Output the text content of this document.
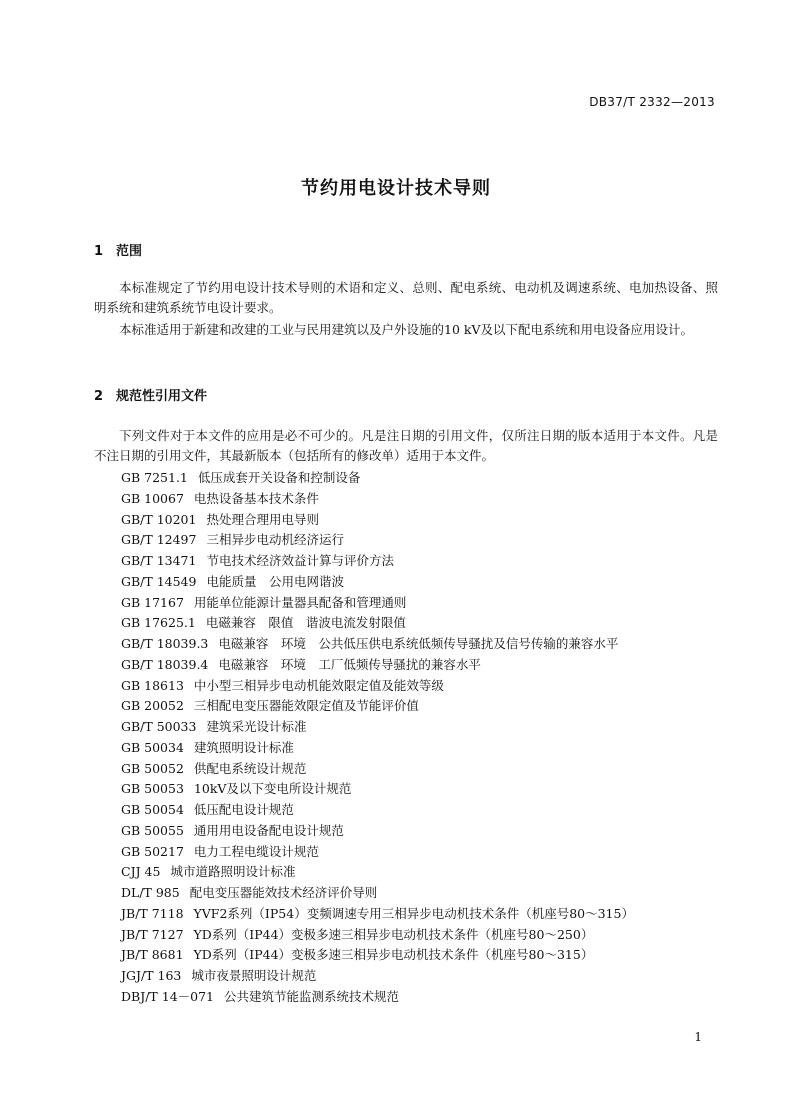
DB37/T 2332—2013
节约用电设计技术导则
1 范围

本标准规定了节约用电设计技术导则的术语和定义、总则、配电系统、电动机及调速系统、电加热设备、照明系统和建筑系统节电设计要求。

本标准适用于新建和改建的工业与民用建筑以及户外设施的10 kV及以下配电系统和用电设备应用设计。

2 规范性引用文件

下列文件对于本文件的应用是必不可少的。凡是注日期的引用文件，仅所注日期的版本适用于本文件。凡是不注日期的引用文件，其最新版本（包括所有的修改单）适用于本文件。

GB 7251.1 低压成套开关设备和控制设备
GB 10067 电热设备基本技术条件
GB/T 10201 热处理合理用电导则
GB/T 12497 三相异步电动机经济运行
GB/T 13471 节电技术经济效益计算与评价方法
GB/T 14549 电能质量　公用电网谐波
GB 17167 用能单位能源计量器具配备和管理通则
GB 17625.1 电磁兼容　限值　谐波电流发射限值
GB/T 18039.3 电磁兼容　环境　公共低压供电系统低频传导骚扰及信号传输的兼容水平
GB/T 18039.4 电磁兼容　环境　工厂低频传导骚扰的兼容水平
GB 18613 中小型三相异步电动机能效限定值及能效等级
GB 20052 三相配电变压器能效限定值及节能评价值
GB/T 50033 建筑采光设计标准
GB 50034 建筑照明设计标准
GB 50052 供配电系统设计规范
GB 50053 10kV及以下变电所设计规范
GB 50054 低压配电设计规范
GB 50055 通用用电设备配电设计规范
GB 50217 电力工程电缆设计规范
CJJ 45 城市道路照明设计标准
DL/T 985 配电变压器能效技术经济评价导则
JB/T 7118 YVF2系列（IP54）变频调速专用三相异步电动机技术条件（机座号80～315）
JB/T 7127 YD系列（IP44）变极多速三相异步电动机技术条件（机座号80～250）
JB/T 8681 YD系列（IP44）变极多速三相异步电动机技术条件（机座号80～315）
JGJ/T 163 城市夜景照明设计规范
DBJ/T 14－071 公共建筑节能监测系统技术规范
1
